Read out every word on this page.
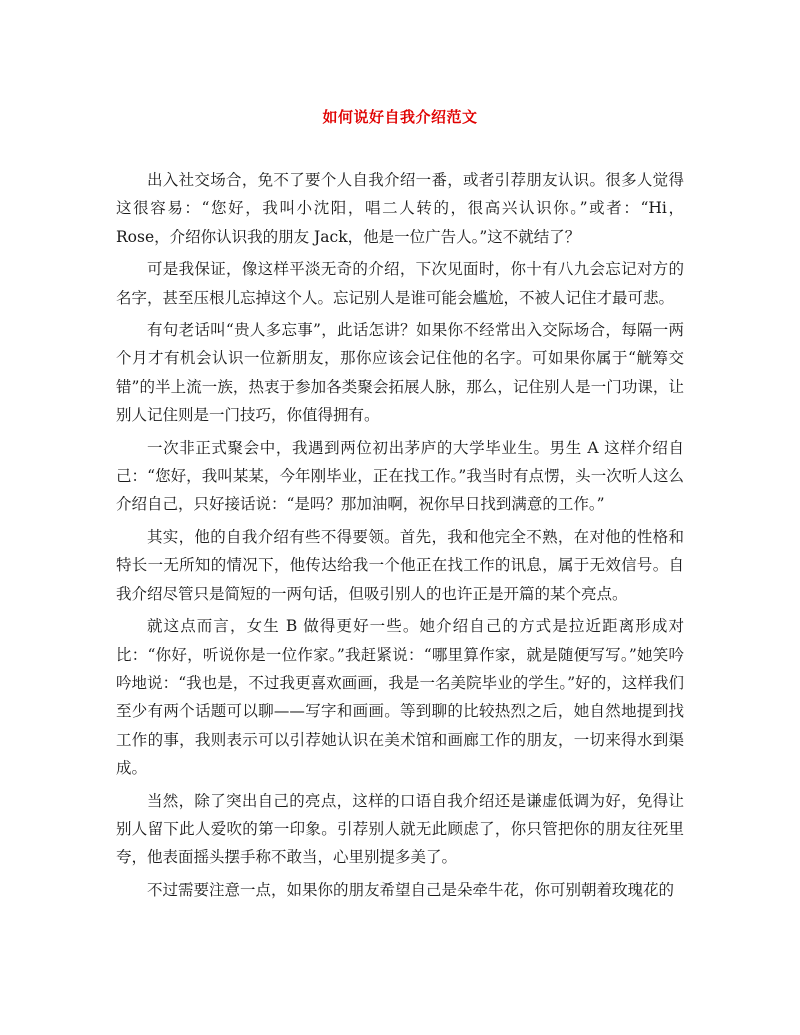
如何说好自我介绍范文

出入社交场合，免不了要个人自我介绍一番，或者引荐朋友认识。很多人觉得这很容易：“您好，我叫小沈阳，唱二人转的，很高兴认识你。”或者：“Hi，Rose，介绍你认识我的朋友 Jack，他是一位广告人。”这不就结了？

可是我保证，像这样平淡无奇的介绍，下次见面时，你十有八九会忘记对方的名字，甚至压根儿忘掉这个人。忘记别人是谁可能会尴尬，不被人记住才最可悲。

有句老话叫“贵人多忘事”，此话怎讲？如果你不经常出入交际场合，每隔一两个月才有机会认识一位新朋友，那你应该会记住他的名字。可如果你属于“觥筹交错”的半上流一族，热衷于参加各类聚会拓展人脉，那么，记住别人是一门功课，让别人记住则是一门技巧，你值得拥有。

一次非正式聚会中，我遇到两位初出茅庐的大学毕业生。男生 A 这样介绍自己：“您好，我叫某某，今年刚毕业，正在找工作。”我当时有点愣，头一次听人这么介绍自己，只好接话说：“是吗？那加油啊，祝你早日找到满意的工作。”

其实，他的自我介绍有些不得要领。首先，我和他完全不熟，在对他的性格和特长一无所知的情况下，他传达给我一个他正在找工作的讯息，属于无效信号。自我介绍尽管只是简短的一两句话，但吸引别人的也许正是开篇的某个亮点。

就这点而言，女生 B 做得更好一些。她介绍自己的方式是拉近距离形成对比：“你好，听说你是一位作家。”我赶紧说：“哪里算作家，就是随便写写。”她笑吟吟地说：“我也是，不过我更喜欢画画，我是一名美院毕业的学生。”好的，这样我们至少有两个话题可以聊——写字和画画。等到聊的比较热烈之后，她自然地提到找工作的事，我则表示可以引荐她认识在美术馆和画廊工作的朋友，一切来得水到渠成。

当然，除了突出自己的亮点，这样的口语自我介绍还是谦虚低调为好，免得让别人留下此人爱吹的第一印象。引荐别人就无此顾虑了，你只管把你的朋友往死里夸，他表面摇头摆手称不敢当，心里别提多美了。

不过需要注意一点，如果你的朋友希望自己是朵牵牛花，你可别朝着玫瑰花的
